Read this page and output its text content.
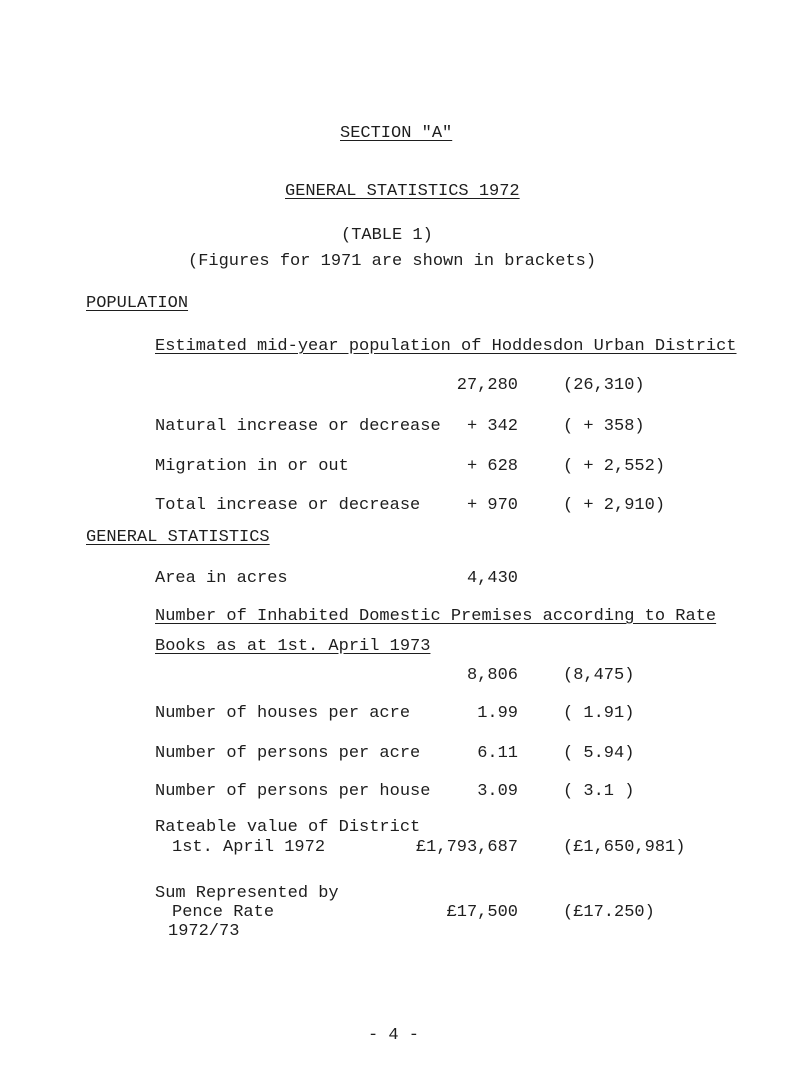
SECTION "A"
GENERAL STATISTICS 1972
(TABLE 1)
(Figures for 1971 are shown in brackets)
POPULATION
Estimated mid-year population of Hoddesdon Urban District
27,280	(26,310)
Natural increase or decrease + 342	( + 358)
Migration in or out	+ 628	( + 2,552)
Total increase or decrease	+ 970	( + 2,910)
GENERAL STATISTICS
Area in acres	4,430
Number of Inhabited Domestic Premises according to Rate
Books as at 1st. April 1973
8,806	(8,475)
Number of houses per acre	1.99	( 1.91)
Number of persons per acre	6.11	( 5.94)
Number of persons per house	3.09	( 3.1 )
Rateable value of District
1st. April 1972	£1,793,687	(£1,650,981)
Sum Represented by
Pence Rate
1972/73
£17,500	(£17.250)
- 4 -
